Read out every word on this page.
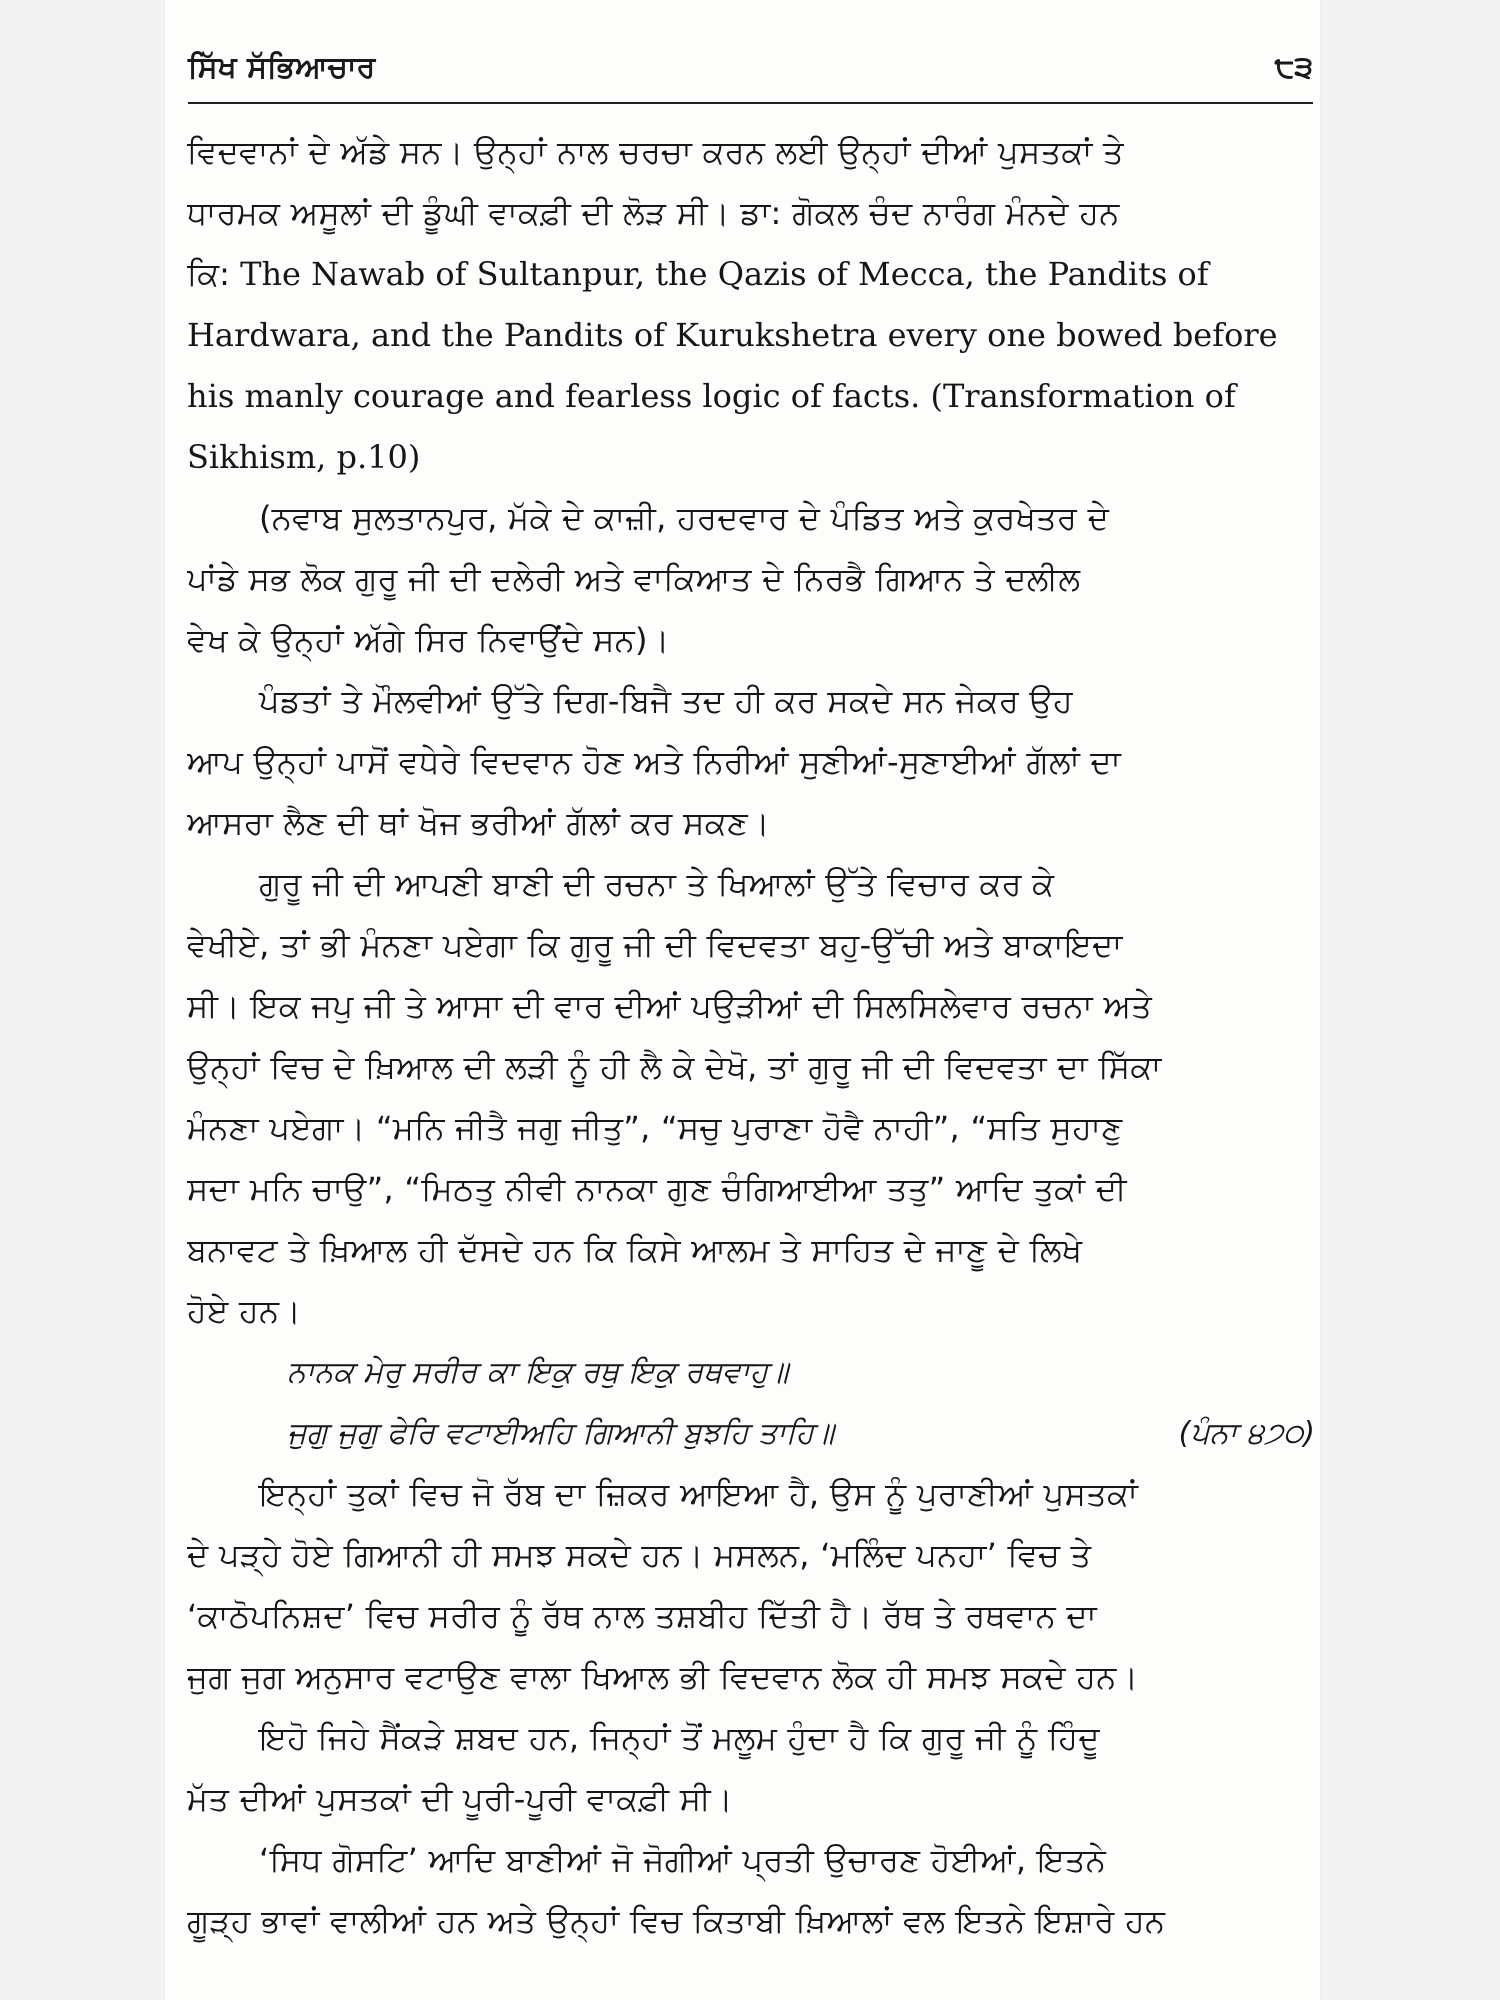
ਸਿੱਖ ਸੱਭਿਆਚਾਰ	੮੩
ਵਿਦਵਾਨਾਂ ਦੇ ਅੱਡੇ ਸਨ। ਉਨ੍ਹਾਂ ਨਾਲ ਚਰਚਾ ਕਰਨ ਲਈ ਉਨ੍ਹਾਂ ਦੀਆਂ ਪੁਸਤਕਾਂ ਤੇ
ਧਾਰਮਕ ਅਸੂਲਾਂ ਦੀ ਡੂੰਘੀ ਵਾਕਫ਼ੀ ਦੀ ਲੋੜ ਸੀ। ਡਾ: ਗੋਕਲ ਚੰਦ ਨਾਰੰਗ ਮੰਨਦੇ ਹਨ
ਕਿ: The Nawab of Sultanpur, the Qazis of Mecca, the Pandits of
Hardwara, and the Pandits of Kurukshetra every one bowed before
his manly courage and fearless logic of facts. (Transformation of
Sikhism, p.10)
(ਨਵਾਬ ਸੁਲਤਾਨਪੁਰ, ਮੱਕੇ ਦੇ ਕਾਜ਼ੀ, ਹਰਦਵਾਰ ਦੇ ਪੰਡਿਤ ਅਤੇ ਕੁਰਖੇਤਰ ਦੇ
ਪਾਂਡੇ ਸਭ ਲੋਕ ਗੁਰੂ ਜੀ ਦੀ ਦਲੇਰੀ ਅਤੇ ਵਾਕਿਆਤ ਦੇ ਨਿਰਭੈ ਗਿਆਨ ਤੇ ਦਲੀਲ
ਵੇਖ ਕੇ ਉਨ੍ਹਾਂ ਅੱਗੇ ਸਿਰ ਨਿਵਾਉਂਦੇ ਸਨ)।
ਪੰਡਤਾਂ ਤੇ ਮੌਲਵੀਆਂ ਉੱਤੇ ਦਿਗ-ਬਿਜੈ ਤਦ ਹੀ ਕਰ ਸਕਦੇ ਸਨ ਜੇਕਰ ਉਹ
ਆਪ ਉਨ੍ਹਾਂ ਪਾਸੋਂ ਵਧੇਰੇ ਵਿਦਵਾਨ ਹੋਣ ਅਤੇ ਨਿਰੀਆਂ ਸੁਣੀਆਂ-ਸੁਣਾਈਆਂ ਗੱਲਾਂ ਦਾ
ਆਸਰਾ ਲੈਣ ਦੀ ਥਾਂ ਖੋਜ ਭਰੀਆਂ ਗੱਲਾਂ ਕਰ ਸਕਣ।
ਗੁਰੂ ਜੀ ਦੀ ਆਪਣੀ ਬਾਣੀ ਦੀ ਰਚਨਾ ਤੇ ਖਿਆਲਾਂ ਉੱਤੇ ਵਿਚਾਰ ਕਰ ਕੇ
ਵੇਖੀਏ, ਤਾਂ ਭੀ ਮੰਨਣਾ ਪਏਗਾ ਕਿ ਗੁਰੂ ਜੀ ਦੀ ਵਿਦਵਤਾ ਬਹੁ-ਉੱਚੀ ਅਤੇ ਬਾਕਾਇਦਾ
ਸੀ। ਇਕ ਜਪੁ ਜੀ ਤੇ ਆਸਾ ਦੀ ਵਾਰ ਦੀਆਂ ਪਉੜੀਆਂ ਦੀ ਸਿਲਸਿਲੇਵਾਰ ਰਚਨਾ ਅਤੇ
ਉਨ੍ਹਾਂ ਵਿਚ ਦੇ ਖ਼ਿਆਲ ਦੀ ਲੜੀ ਨੂੰ ਹੀ ਲੈ ਕੇ ਦੇਖੋ, ਤਾਂ ਗੁਰੂ ਜੀ ਦੀ ਵਿਦਵਤਾ ਦਾ ਸਿੱਕਾ
ਮੰਨਣਾ ਪਏਗਾ। “ਮਨਿ ਜੀਤੈ ਜਗੁ ਜੀਤੁ”, “ਸਚੁ ਪੁਰਾਣਾ ਹੋਵੈ ਨਾਹੀ”, “ਸਤਿ ਸੁਹਾਣੁ
ਸਦਾ ਮਨਿ ਚਾਉ”, “ਮਿਠਤੁ ਨੀਵੀ ਨਾਨਕਾ ਗੁਣ ਚੰਗਿਆਈਆ ਤਤੁ” ਆਦਿ ਤੁਕਾਂ ਦੀ
ਬਨਾਵਟ ਤੇ ਖ਼ਿਆਲ ਹੀ ਦੱਸਦੇ ਹਨ ਕਿ ਕਿਸੇ ਆਲਮ ਤੇ ਸਾਹਿਤ ਦੇ ਜਾਣੂ ਦੇ ਲਿਖੇ
ਹੋਏ ਹਨ।
ਨਾਨਕ ਮੇਰੁ ਸਰੀਰ ਕਾ ਇਕੁ ਰਥੁ ਇਕੁ ਰਥਵਾਹੁ॥
ਜੁਗੁ ਜੁਗੁ ਫੇਰਿ ਵਟਾਈਅਹਿ ਗਿਆਨੀ ਬੁਝਹਿ ਤਾਹਿ॥	(ਪੰਨਾ ੪੭੦)
ਇਨ੍ਹਾਂ ਤੁਕਾਂ ਵਿਚ ਜੋ ਰੱਬ ਦਾ ਜ਼ਿਕਰ ਆਇਆ ਹੈ, ਉਸ ਨੂੰ ਪੁਰਾਣੀਆਂ ਪੁਸਤਕਾਂ
ਦੇ ਪੜ੍ਹੇ ਹੋਏ ਗਿਆਨੀ ਹੀ ਸਮਝ ਸਕਦੇ ਹਨ। ਮਸਲਨ, ‘ਮਲਿੰਦ ਪਨਹਾ’ ਵਿਚ ਤੇ
‘ਕਾਠੋਪਨਿਸ਼ਦ’ ਵਿਚ ਸਰੀਰ ਨੂੰ ਰੱਥ ਨਾਲ ਤਸ਼ਬੀਹ ਦਿੱਤੀ ਹੈ। ਰੱਥ ਤੇ ਰਥਵਾਨ ਦਾ
ਜੁਗ ਜੁਗ ਅਨੁਸਾਰ ਵਟਾਉਣ ਵਾਲਾ ਖਿਆਲ ਭੀ ਵਿਦਵਾਨ ਲੋਕ ਹੀ ਸਮਝ ਸਕਦੇ ਹਨ।
ਇਹੋ ਜਿਹੇ ਸੈਂਕੜੇ ਸ਼ਬਦ ਹਨ, ਜਿਨ੍ਹਾਂ ਤੋਂ ਮਲੂਮ ਹੁੰਦਾ ਹੈ ਕਿ ਗੁਰੂ ਜੀ ਨੂੰ ਹਿੰਦੂ
ਮੱਤ ਦੀਆਂ ਪੁਸਤਕਾਂ ਦੀ ਪੂਰੀ-ਪੂਰੀ ਵਾਕਫ਼ੀ ਸੀ।
‘ਸਿਧ ਗੋਸਟਿ’ ਆਦਿ ਬਾਣੀਆਂ ਜੋ ਜੋਗੀਆਂ ਪ੍ਰਤੀ ਉਚਾਰਣ ਹੋਈਆਂ, ਇਤਨੇ
ਗੂੜ੍ਹ ਭਾਵਾਂ ਵਾਲੀਆਂ ਹਨ ਅਤੇ ਉਨ੍ਹਾਂ ਵਿਚ ਕਿਤਾਬੀ ਖ਼ਿਆਲਾਂ ਵਲ ਇਤਨੇ ਇਸ਼ਾਰੇ ਹਨ
